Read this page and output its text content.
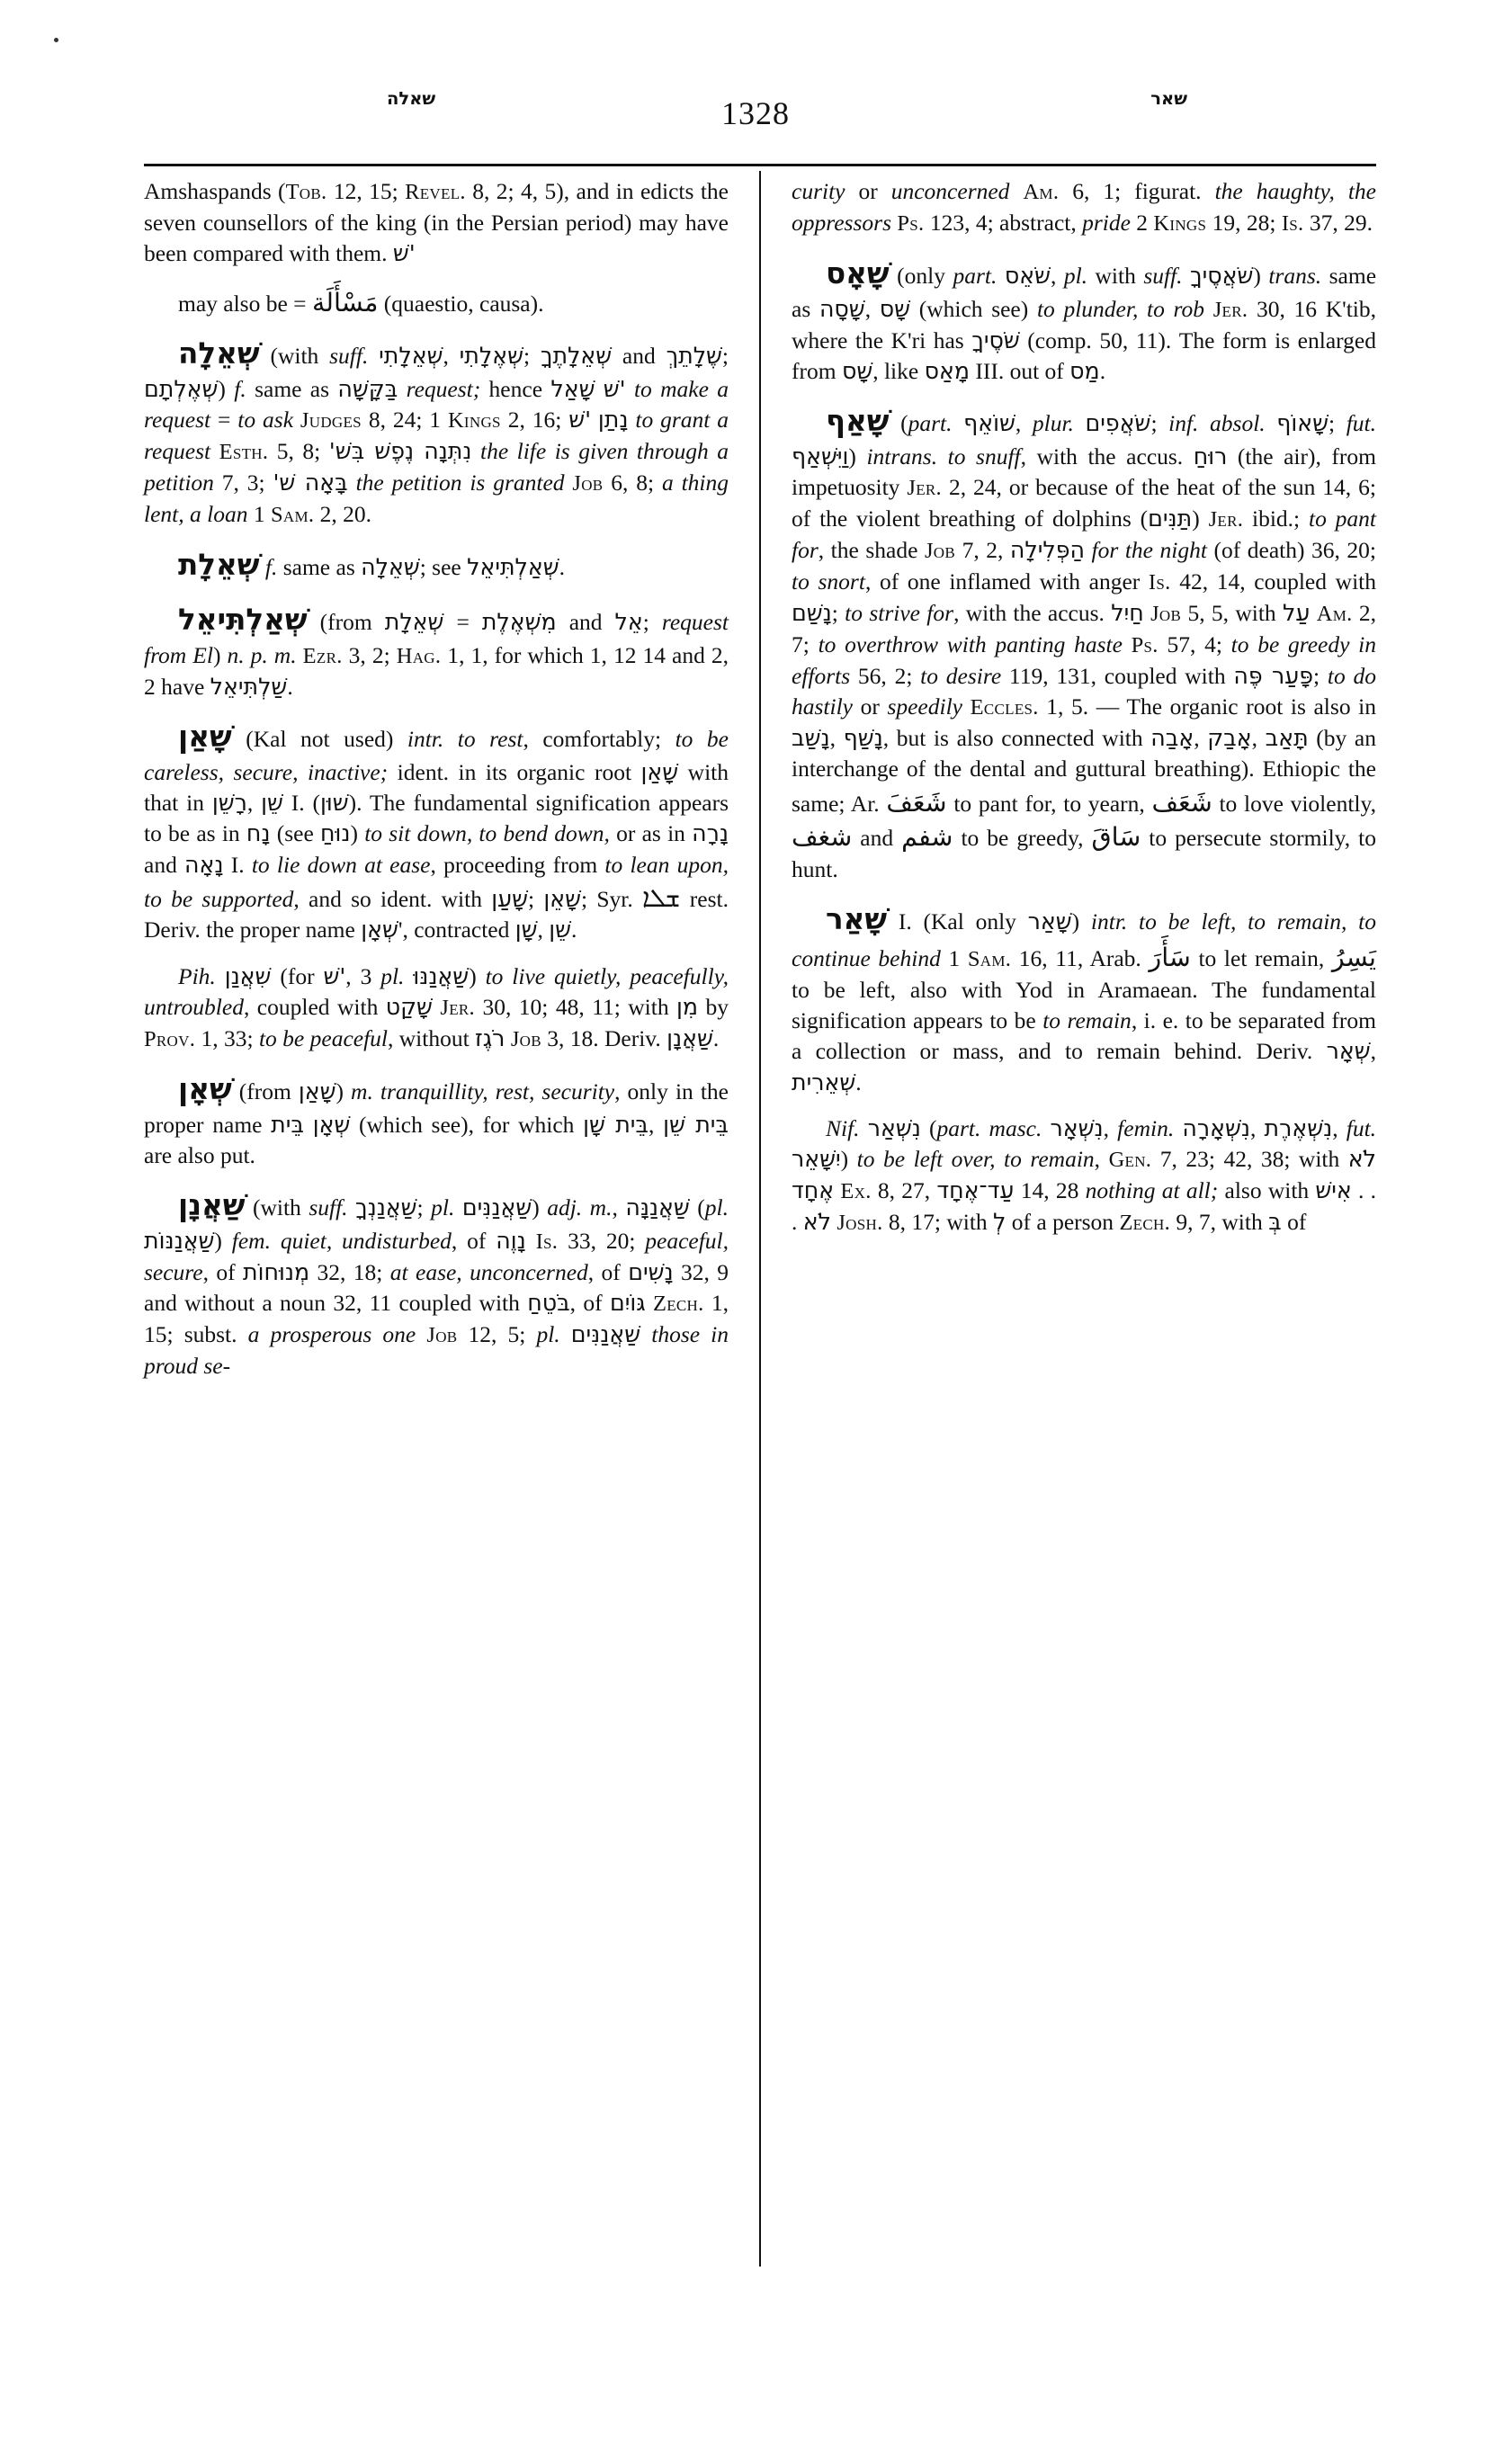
שאלה	1328	שאר

Amshaspands (Tob. 12, 15; Revel. 8, 2; 4, 5), and in edicts the seven counsellors of the king (in the Persian period) may have been compared with them. 'שׁ

may also be = مَسْأَلَة (quaestio, causa).

שְׁאֵלָה (with suff. שְׁאֵלָתִי, שְׁאֶלָתִי; שְׁאֵלָתֶךָ and שֶׁלָתֵךְ; שְׁאֶלְתָם) f. same as בַּקָּשָׁה request; hence שָׁאַל 'שׁ to make a request = to ask Judges 8, 24; 1 Kings 2, 16; 'שׁ נָתַן to grant a request Esth. 5, 8; נִתְּנָה נֶפֶשׁ בִּשׁ' the life is given through a petition 7, 3; בָּאָה שׁ' the petition is granted Job 6, 8; a thing lent, a loan 1 Sam. 2, 20.

שְׁאֵלָת f. same as שְׁאֵלָה; see שְׁאַלְתִּיאֵל.

שְׁאַלְתִּיאֵל (from שְׁאֵלָת = מִשְׁאֶלֶת and אֵל; request from El) n. p. m. Ezr. 3, 2; Hag. 1, 1, for which 1, 12 14 and 2, 2 have שַׁלְתִּיאֵל.

שָׁאַן (Kal not used) intr. to rest, comfortably; to be careless, secure, inactive; ident. in its organic root שָׁאַן with that in רָשֵׁן, שֵׁן I. (שׁוּן). The fundamental signification appears to be as in נָח (see נוּחַ) to sit down, to bend down, or as in נָרָה and נָאָה I. to lie down at ease, proceeding from to lean upon, to be supported, and so ident. with שָׁעַן; שָׁאֵן; Syr. ܫܠܐ rest. Deriv. the proper name שְׁאָן', contracted שָׁן, שֵׁן.

Pih. שִׁאֲנַן (for 'שׁ, 3 pl. שַׁאֲנַנּוּ) to live quietly, peacefully, untroubled, coupled with שָׁקַט Jer. 30, 10; 48, 11; with מִן by Prov. 1, 33; to be peaceful, without רֹגֶז Job 3, 18. Deriv. שַׁאֲנָן.

שְׁאָן (from שָׁאַן) m. tranquillity, rest, security, only in the proper name בֵּית שְׁאָן (which see), for which בֵּית שָׁן, בֵּית שֵׁן are also put.

שַׁאֲנָן (with suff. שַׁאֲנַנְךָ; pl. שַׁאֲנַנִּים) adj. m., שַׁאֲנַנָּה (pl. שַׁאֲנַנּוֹת) fem. quiet, undisturbed, of נָוֶה Is. 33, 20; peaceful, secure, of מְנוּחוֹת 32, 18; at ease, unconcerned, of נָשִׁים 32, 9 and without a noun 32, 11 coupled with בֹּטֵחַ, of גּוֹיִם Zech. 1, 15; subst. a prosperous one Job 12, 5; pl. שַׁאֲנַנִּים those in proud se-

curity or unconcerned Am. 6, 1; figurat. the haughty, the oppressors Ps. 123, 4; abstract, pride 2 Kings 19, 28; Is. 37, 29.

שָׁאָס (only part. שֹׁאֵס, pl. with suff. שֹׁאֲסֶיךָ) trans. same as שָׁסָה, שָׁס (which see) to plunder, to rob Jer. 30, 16 K'tib, where the K'ri has שֹׁסֶיךָ (comp. 50, 11). The form is enlarged from שָׁס, like מָאַס III. out of מַס.

שָׁאַף (part. שׁוֹאֵף, plur. שֹׁאֲפִים; inf. absol. שָׁאוֹף; fut. וַיִּשְׁאַף) intrans. to snuff, with the accus. רוּחַ (the air), from impetuosity Jer. 2, 24, or because of the heat of the sun 14, 6; of the violent breathing of dolphins (תַּנִּים) Jer. ibid.; to pant for, the shade Job 7, 2, הַפְּלִילָה for the night (of death) 36, 20; to snort, of one inflamed with anger Is. 42, 14, coupled with נָשַׁם; to strive for, with the accus. חַיִל Job 5, 5, with עַל Am. 2, 7; to overthrow with panting haste Ps. 57, 4; to be greedy in efforts 56, 2; to desire 119, 131, coupled with פָּעַר פֶּה; to do hastily or speedily Eccles. 1, 5. — The organic root is also in נָשַׁב, נָשַׁף, but is also connected with אָבַה, אָבַק, תָּאַב (by an interchange of the dental and guttural breathing). Ethiopic the same; Ar. شَعَفَ to pant for, to yearn, شَعَف to love violently, شغف and شفم to be greedy, سَاقَ to persecute stormily, to hunt.

שָׁאַר I. (Kal only שָׁאַר) intr. to be left, to remain, to continue behind 1 Sam. 16, 11, Arab. سَأَرَ to let remain, يَسِرُ to be left, also with Yod in Aramaean. The fundamental signification appears to be to remain, i. e. to be separated from a collection or mass, and to remain behind. Deriv. שְׁאָר, שְׁאֵרִית.

Nif. נִשְׁאַר (part. masc. נִשְׁאָר, femin. נִשְׁאָרָה, נִשְׁאֶרֶת, fut. יִשָּׁאֵר) to be left over, to remain, Gen. 7, 23; 42, 38; with לֹא אֶחָד Ex. 8, 27, עַד־אֶחָד 14, 28 nothing at all; also with אִישׁ . . . לֹא Josh. 8, 17; with לְ of a person Zech. 9, 7, with בְּ of
